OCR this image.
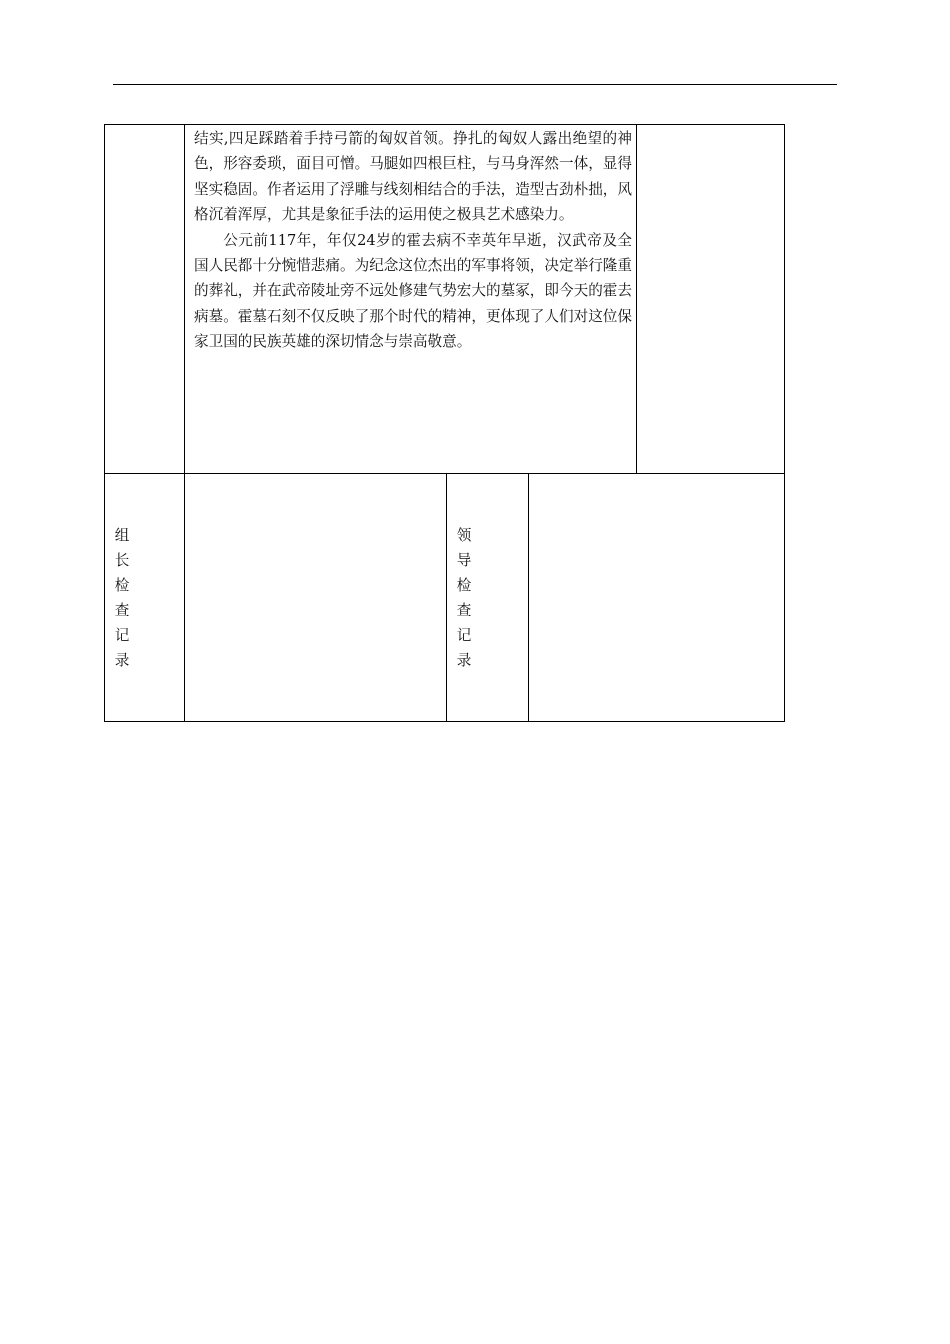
结实,四足踩踏着手持弓箭的匈奴首领。挣扎的匈奴人露出绝望的神色，形容委琐，面目可憎。马腿如四根巨柱，与马身浑然一体，显得坚实稳固。作者运用了浮雕与线刻相结合的手法，造型古劲朴拙，风格沉着浑厚，尤其是象征手法的运用使之极具艺术感染力。

公元前117年，年仅24岁的霍去病不幸英年早逝，汉武帝及全国人民都十分惋惜悲痛。为纪念这位杰出的军事将领，决定举行隆重的葬礼，并在武帝陵址旁不远处修建气势宏大的墓冢，即今天的霍去病墓。霍墓石刻不仅反映了那个时代的精神，更体现了人们对这位保家卫国的民族英雄的深切情念与崇高敬意。

组
长
检
查
记
录
领
导
检
查
记
录
